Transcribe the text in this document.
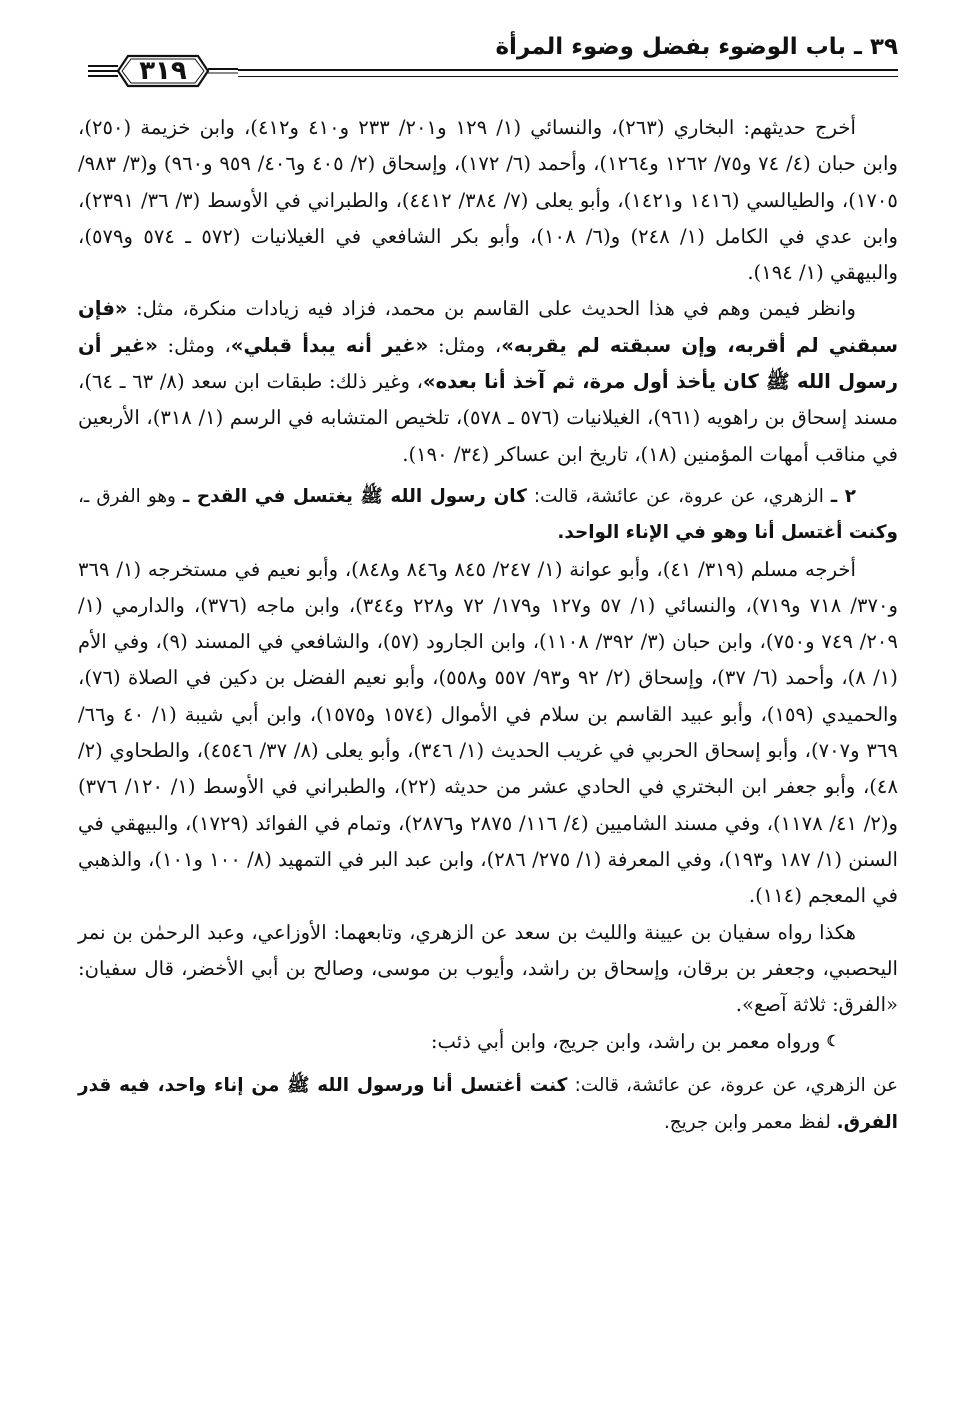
٣٩ ـ باب الوضوء بفضل وضوء المرأة
٣١٩

أخرج حديثهم: البخاري (٢٦٣)، والنسائي (١/ ١٢٩ و٢٠١/ ٢٣٣ و٤١٠ و٤١٢)، وابن خزيمة (٢٥٠)، وابن حبان (٤/ ٧٤ و٧٥/ ١٢٦٢ و١٢٦٤)، وأحمد (٦/ ١٧٢)، وإسحاق (٢/ ٤٠٥ و٤٠٦/ ٩٥٩ و٩٦٠) و(٣/ ٩٨٣/ ١٧٠٥)، والطيالسي (١٤١٦ و١٤٢١)، وأبو يعلى (٧/ ٣٨٤/ ٤٤١٢)، والطبراني في الأوسط (٣/ ٣٦/ ٢٣٩١)، وابن عدي في الكامل (١/ ٢٤٨) و(٦/ ١٠٨)، وأبو بكر الشافعي في الغيلانيات (٥٧٢ ـ ٥٧٤ و٥٧٩)، والبيهقي (١/ ١٩٤).

وانظر فيمن وهم في هذا الحديث على القاسم بن محمد، فزاد فيه زيادات منكرة، مثل: «فإن سبقني لم أقربه، وإن سبقته لم يقربه»، ومثل: «غير أنه يبدأ قبلي»، ومثل: «غير أن رسول الله ﷺ كان يأخذ أول مرة، ثم آخذ أنا بعده»، وغير ذلك: طبقات ابن سعد (٨/ ٦٣ ـ ٦٤)، مسند إسحاق بن راهويه (٩٦١)، الغيلانيات (٥٧٦ ـ ٥٧٨)، تلخيص المتشابه في الرسم (١/ ٣١٨)، الأربعين في مناقب أمهات المؤمنين (١٨)، تاريخ ابن عساكر (٣٤/ ١٩٠).

٢ ـ الزهري، عن عروة، عن عائشة، قالت: كان رسول الله ﷺ يغتسل في القدح ـ وهو الفرق ـ، وكنت أغتسل أنا وهو في الإناء الواحد.

أخرجه مسلم (٣١٩/ ٤١)، وأبو عوانة (١/ ٢٤٧/ ٨٤٥ و٨٤٦ و٨٤٨)، وأبو نعيم في مستخرجه (١/ ٣٦٩ و٣٧٠/ ٧١٨ و٧١٩)، والنسائي (١/ ٥٧ و١٢٧ و١٧٩/ ٧٢ و٢٢٨ و٣٤٤)، وابن ماجه (٣٧٦)، والدارمي (١/ ٢٠٩/ ٧٤٩ و٧٥٠)، وابن حبان (٣/ ٣٩٢/ ١١٠٨)، وابن الجارود (٥٧)، والشافعي في المسند (٩)، وفي الأم (١/ ٨)، وأحمد (٦/ ٣٧)، وإسحاق (٢/ ٩٢ و٩٣/ ٥٥٧ و٥٥٨)، وأبو نعيم الفضل بن دكين في الصلاة (٧٦)، والحميدي (١٥٩)، وأبو عبيد القاسم بن سلام في الأموال (١٥٧٤ و١٥٧٥)، وابن أبي شيبة (١/ ٤٠ و٦٦/ ٣٦٩ و٧٠٧)، وأبو إسحاق الحربي في غريب الحديث (١/ ٣٤٦)، وأبو يعلى (٨/ ٣٧/ ٤٥٤٦)، والطحاوي (٢/ ٤٨)، وأبو جعفر ابن البختري في الحادي عشر من حديثه (٢٢)، والطبراني في الأوسط (١/ ١٢٠/ ٣٧٦) و(٢/ ٤١/ ١١٧٨)، وفي مسند الشاميين (٤/ ١١٦/ ٢٨٧٥ و٢٨٧٦)، وتمام في الفوائد (١٧٢٩)، والبيهقي في السنن (١/ ١٨٧ و١٩٣)، وفي المعرفة (١/ ٢٧٥/ ٢٨٦)، وابن عبد البر في التمهيد (٨/ ١٠٠ و١٠١)، والذهبي في المعجم (١١٤).

هكذا رواه سفيان بن عيينة والليث بن سعد عن الزهري، وتابعهما: الأوزاعي، وعبد الرحمٰن بن نمر اليحصبي، وجعفر بن برقان، وإسحاق بن راشد، وأيوب بن موسى، وصالح بن أبي الأخضر، قال سفيان: «الفرق: ثلاثة آصع».

☾ ورواه معمر بن راشد، وابن جريج، وابن أبي ذئب:

عن الزهري، عن عروة، عن عائشة، قالت: كنت أغتسل أنا ورسول الله ﷺ من إناء واحد، فيه قدر الفرق. لفظ معمر وابن جريج.
